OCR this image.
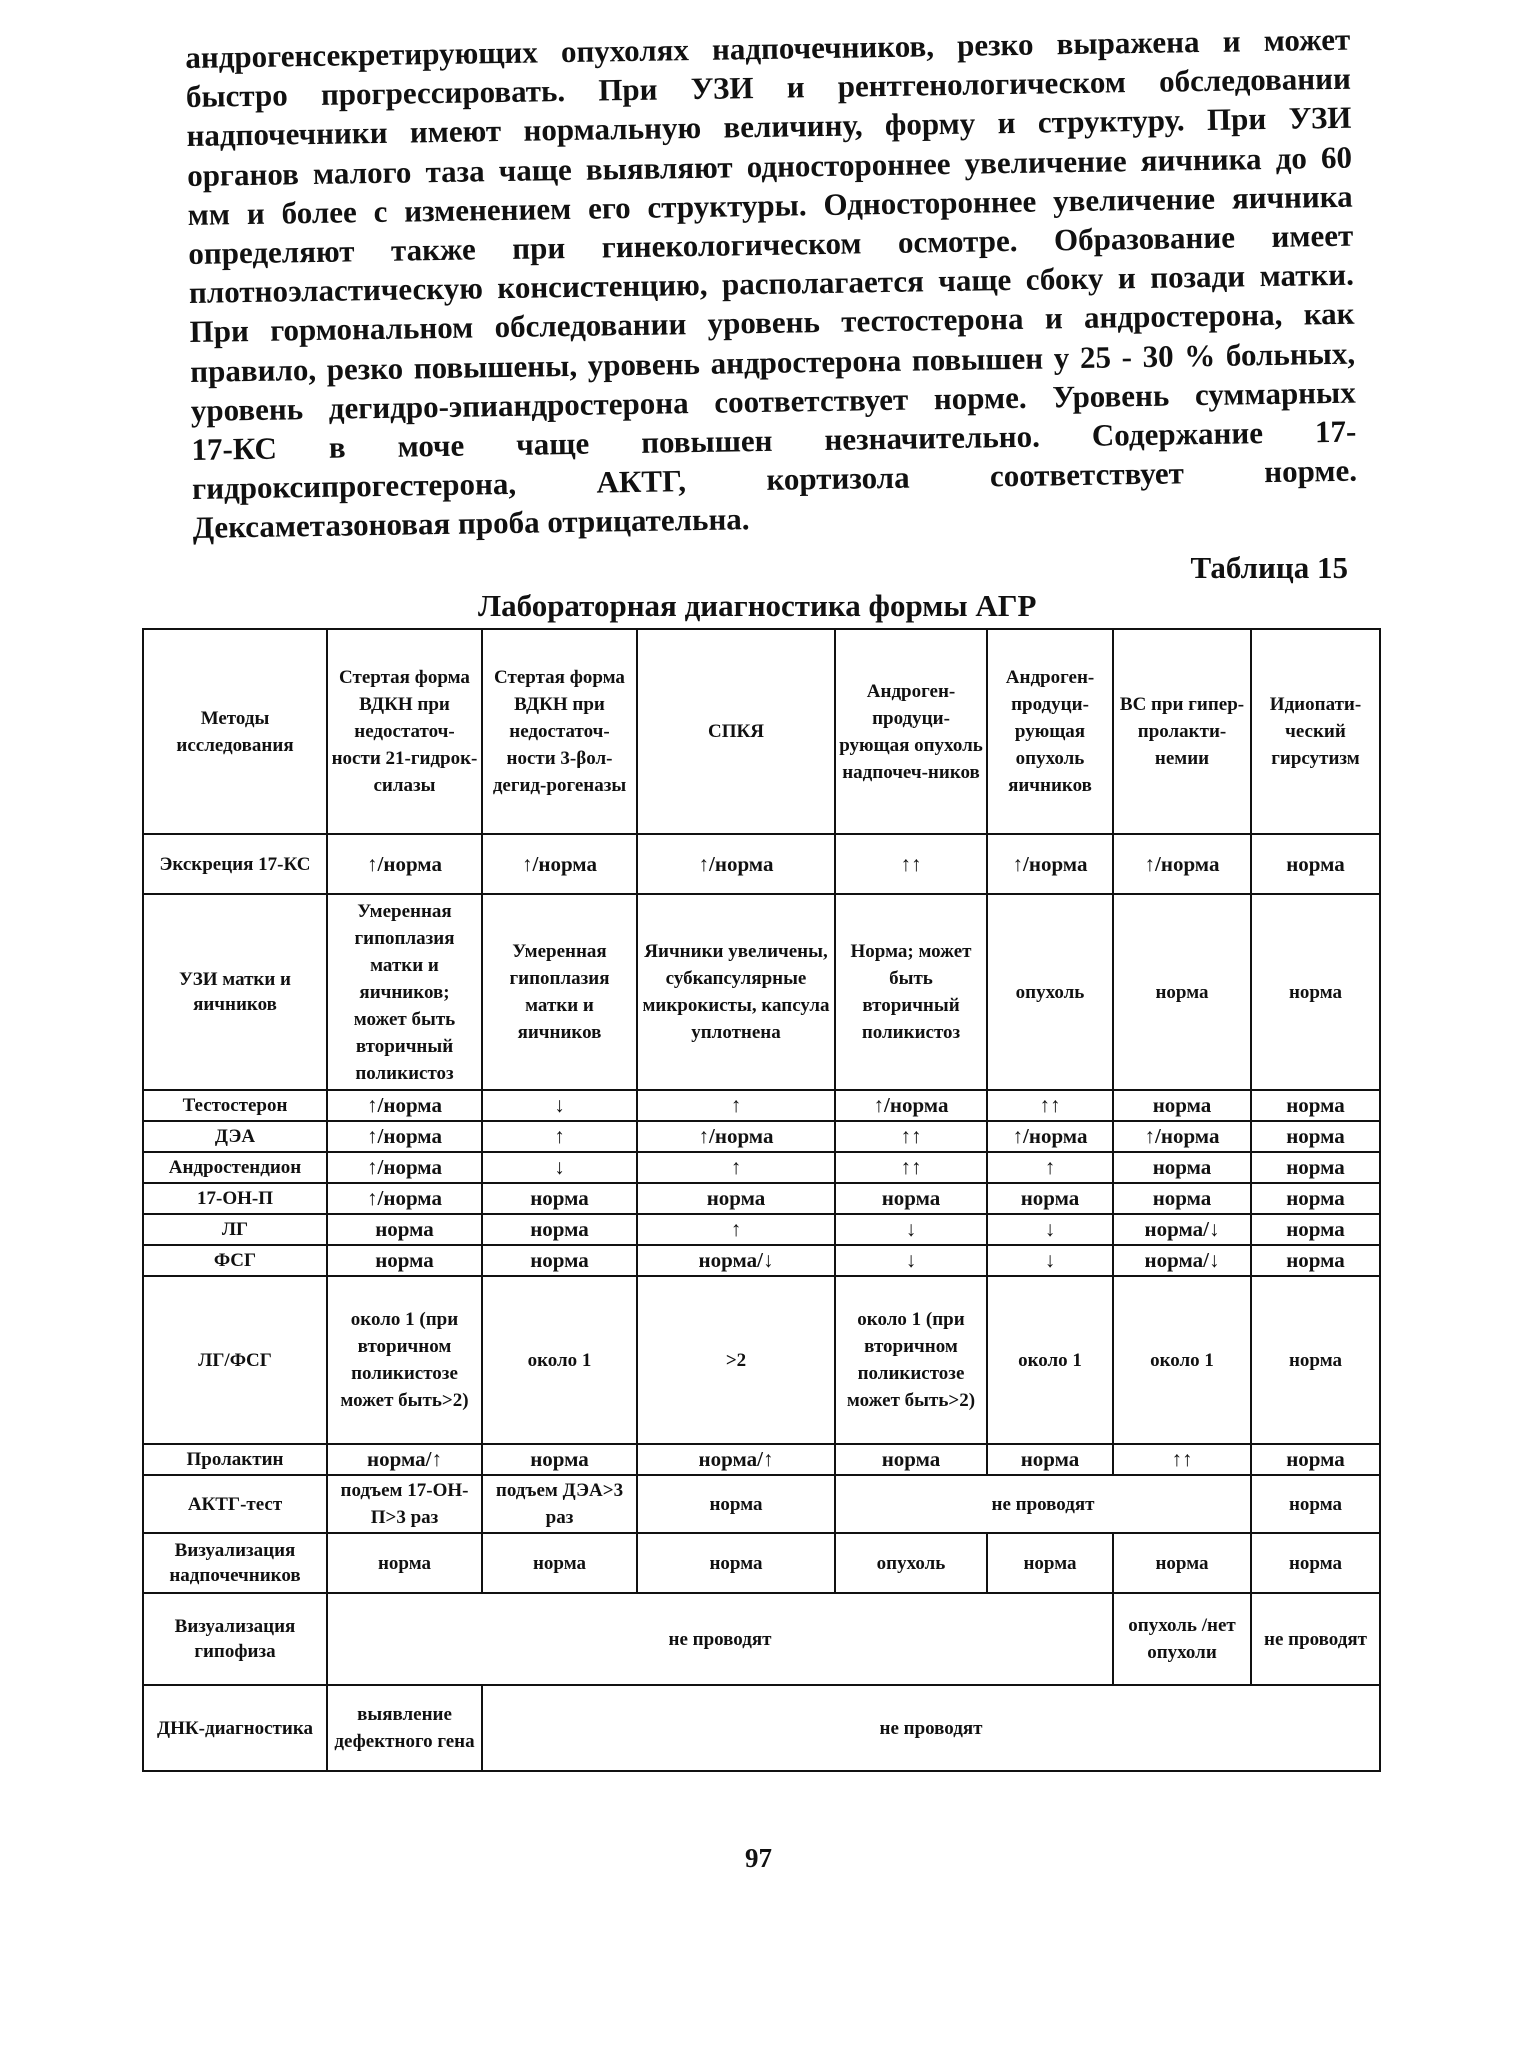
андрогенсекретирующих опухолях надпочечников, резко выражена и может
быстро прогрессировать. При УЗИ и рентгенологическом обследовании
надпочечники имеют нормальную величину, форму и структуру. При УЗИ
органов малого таза чаще выявляют одностороннее увеличение яичника до 60
мм и более с изменением его структуры. Одностороннее увеличение яичника
определяют также при гинекологическом осмотре. Образование имеет
плотноэластическую консистенцию, располагается чаще сбоку и позади матки.
При гормональном обследовании уровень тестостерона и андростерона, как
правило, резко повышены, уровень андростерона повышен у 25 - 30 % больных,
уровень дегидро-эпиандростерона соответствует норме. Уровень суммарных
17-КС в моче чаще повышен незначительно. Содержание 17-
гидроксипрогестерона, АКТГ, кортизола соответствует норме.
Дексаметазоновая проба отрицательна.
Таблица 15
Лабораторная диагностика формы АГР
Методы исследования	Стертая форма ВДКН при недостаточ-ности 21-гидрок-силазы	Стертая форма ВДКН при недостаточ-ности 3-βол-дегид-рогеназы	СПКЯ	Андроген-продуци-рующая опухоль надпочеч-ников	Андроген-продуци-рующая опухоль яичников	ВС при гипер-пролакти-немии	Идиопати-ческий гирсутизм
Экскреция 17-КС	↑/норма	↑/норма	↑/норма	↑↑	↑/норма	↑/норма	норма
УЗИ матки и яичников	Умеренная гипоплазия матки и яичников; может быть вторичный поликистоз	Умеренная гипоплазия матки и яичников	Яичники увеличены, субкапсулярные микрокисты, капсула уплотнена	Норма; может быть вторичный поликистоз	опухоль	норма	норма
Тестостерон	↑/норма	↓	↑	↑/норма	↑↑	норма	норма
ДЭА	↑/норма	↑	↑/норма	↑↑	↑/норма	↑/норма	норма
Андростендион	↑/норма	↓	↑	↑↑	↑	норма	норма
17-ОН-П	↑/норма	норма	норма	норма	норма	норма	норма
ЛГ	норма	норма	↑	↓	↓	норма/↓	норма
ФСГ	норма	норма	норма/↓	↓	↓	норма/↓	норма
ЛГ/ФСГ	около 1 (при вторичном поликистозе может быть>2)	около 1	>2	около 1 (при вторичном поликистозе может быть>2)	около 1	около 1	норма
Пролактин	норма/↑	норма	норма/↑	норма	норма	↑↑	норма
АКТГ-тест	подъем 17-ОН-П>3 раз	подъем ДЭА>3 раз	норма	не проводят			норма
Визуализация надпочечников	норма	норма	норма	опухоль	норма	норма	норма
Визуализация гипофиза	не проводят					опухоль /нет опухоли	не проводят
ДНК-диагностика	выявление дефектного гена	не проводят					
97
